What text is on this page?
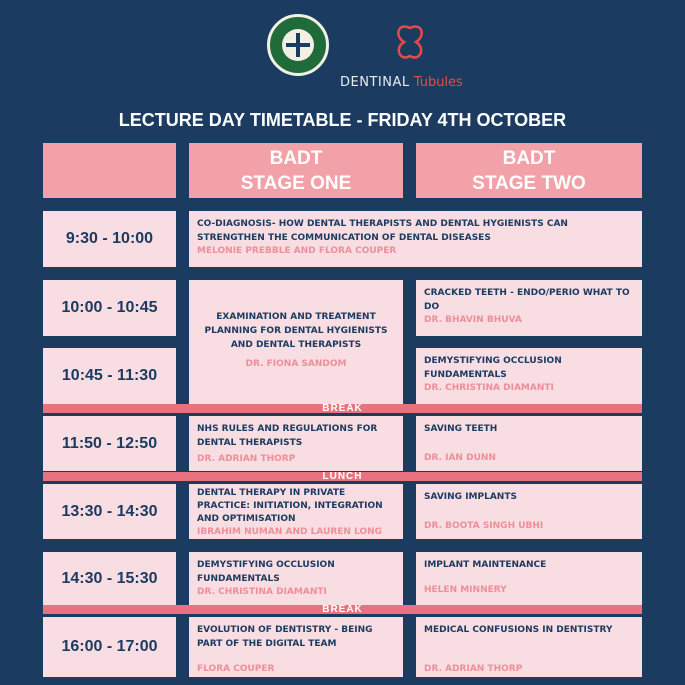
DENTINAL Tubules
LECTURE DAY TIMETABLE - FRIDAY 4TH OCTOBER
BADT
STAGE ONE
BADT
STAGE TWO
9:30 - 10:00
CO-DIAGNOSIS- HOW DENTAL THERAPISTS AND DENTAL HYGIENISTS CAN STRENGTHEN THE COMMUNICATION OF DENTAL DISEASES
MELONIE PREBBLE AND FLORA COUPER
10:00 - 10:45
10:45 - 11:30
EXAMINATION AND TREATMENT PLANNING FOR DENTAL HYGIENISTS AND DENTAL THERAPISTS
DR. FIONA SANDOM
CRACKED TEETH - ENDO/PERIO WHAT TO DO
DR. BHAVIN BHUVA
DEMYSTIFYING OCCLUSION FUNDAMENTALS
DR. CHRISTINA DIAMANTI
BREAK
11:50 - 12:50
NHS RULES AND REGULATIONS FOR DENTAL THERAPISTS
DR. ADRIAN THORP
SAVING TEETH
DR. IAN DUNN
LUNCH
13:30 - 14:30
DENTAL THERAPY IN PRIVATE PRACTICE: INITIATION, INTEGRATION AND OPTIMISATION
IBRAHIM NUMAN AND LAUREN LONG
SAVING IMPLANTS
DR. BOOTA SINGH UBHI
14:30 - 15:30
DEMYSTIFYING OCCLUSION FUNDAMENTALS
DR. CHRISTINA DIAMANTI
IMPLANT MAINTENANCE
HELEN MINNERY
BREAK
16:00 - 17:00
EVOLUTION OF DENTISTRY - BEING PART OF THE DIGITAL TEAM
FLORA COUPER
MEDICAL CONFUSIONS IN DENTISTRY
DR. ADRIAN THORP
